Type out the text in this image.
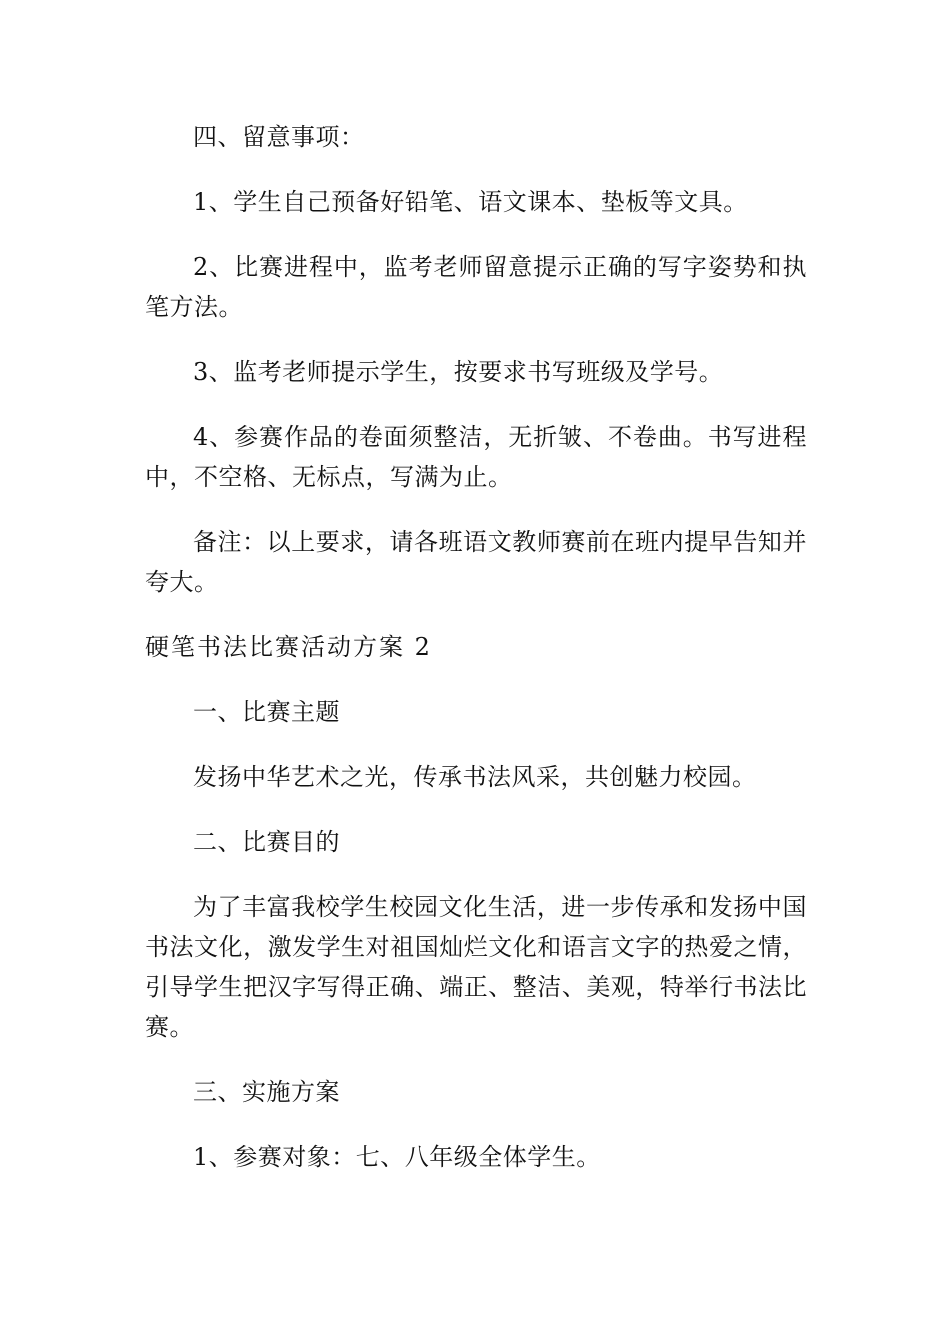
四、留意事项：

1、学生自己预备好铅笔、语文课本、垫板等文具。

2、比赛进程中，监考老师留意提示正确的写字姿势和执笔方法。

3、监考老师提示学生，按要求书写班级及学号。

4、参赛作品的卷面须整洁，无折皱、不卷曲。书写进程中，不空格、无标点，写满为止。

备注：以上要求，请各班语文教师赛前在班内提早告知并夸大。

硬笔书法比赛活动方案 2

一、比赛主题

发扬中华艺术之光，传承书法风采，共创魅力校园。

二、比赛目的

为了丰富我校学生校园文化生活，进一步传承和发扬中国书法文化，激发学生对祖国灿烂文化和语言文字的热爱之情，引导学生把汉字写得正确、端正、整洁、美观，特举行书法比赛。

三、实施方案

1、参赛对象：七、八年级全体学生。
